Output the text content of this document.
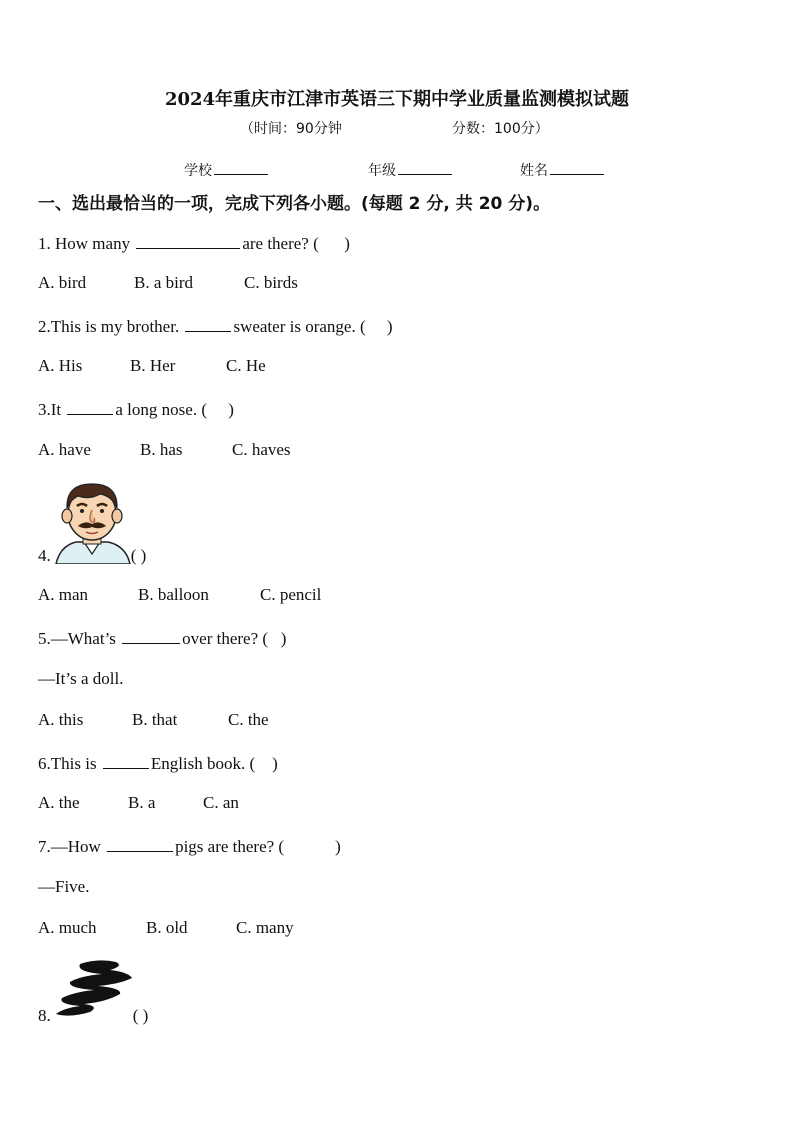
2024年重庆市江津市英语三下期中学业质量监测模拟试题
（时间：90分钟	分数：100分）
学校	年级	姓名
一、选出最恰当的一项，完成下列各小题。(每题 2 分, 共 20 分)。
1. How many	are there? ( )
A. bird	B. a bird	C. birds
2.This is my brother.	sweater is orange. ( )
A. His	B. Her	C. He
3.It	a long nose. ( )
A. have	B. has	C. haves
4.	( )
A. man	B. balloon	C. pencil
5.—What’s	over there? ( )
—It’s a doll.
A. this	B. that	C. the
6.This is	English book. ( )
A. the	B. a	C. an
7.—How	pigs are there? (	)
—Five.
A. much	B. old	C. many
8.	( )
